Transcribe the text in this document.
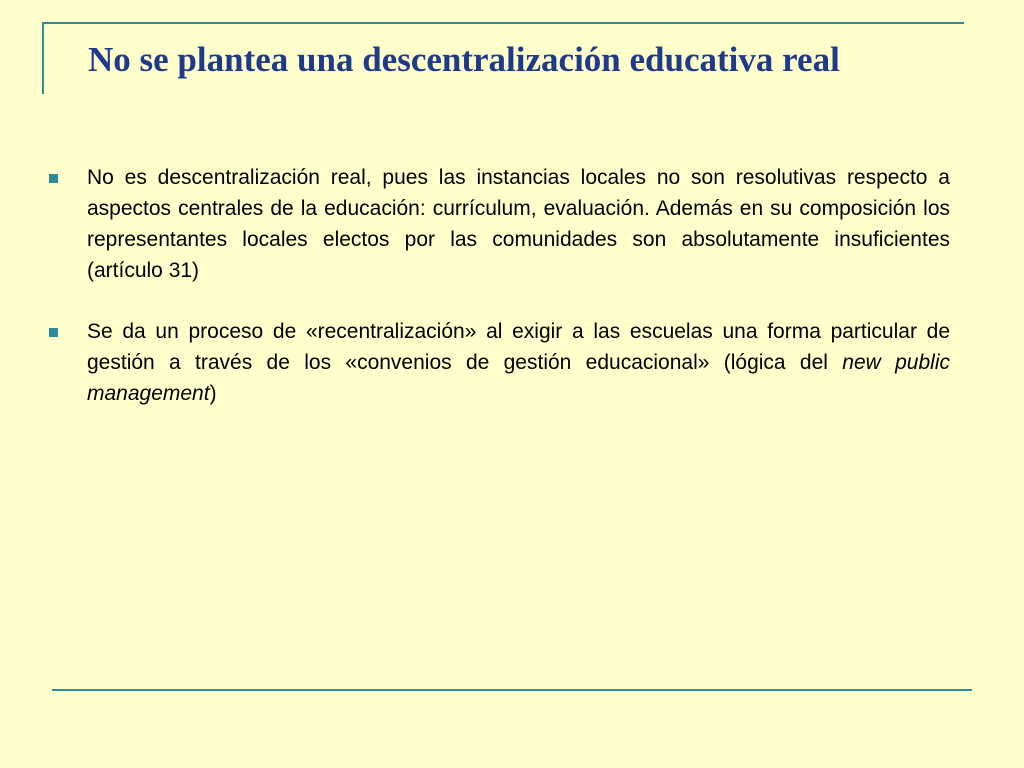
No se plantea una descentralización educativa real
No es descentralización real, pues las instancias locales no son resolutivas respecto a aspectos centrales de la educación: currículum, evaluación. Además en su composición los representantes locales electos por las comunidades son absolutamente insuficientes (artículo 31)
Se da un proceso de «recentralización» al exigir a las escuelas una forma particular de gestión a través de los «convenios de gestión educacional» (lógica del new public management)
